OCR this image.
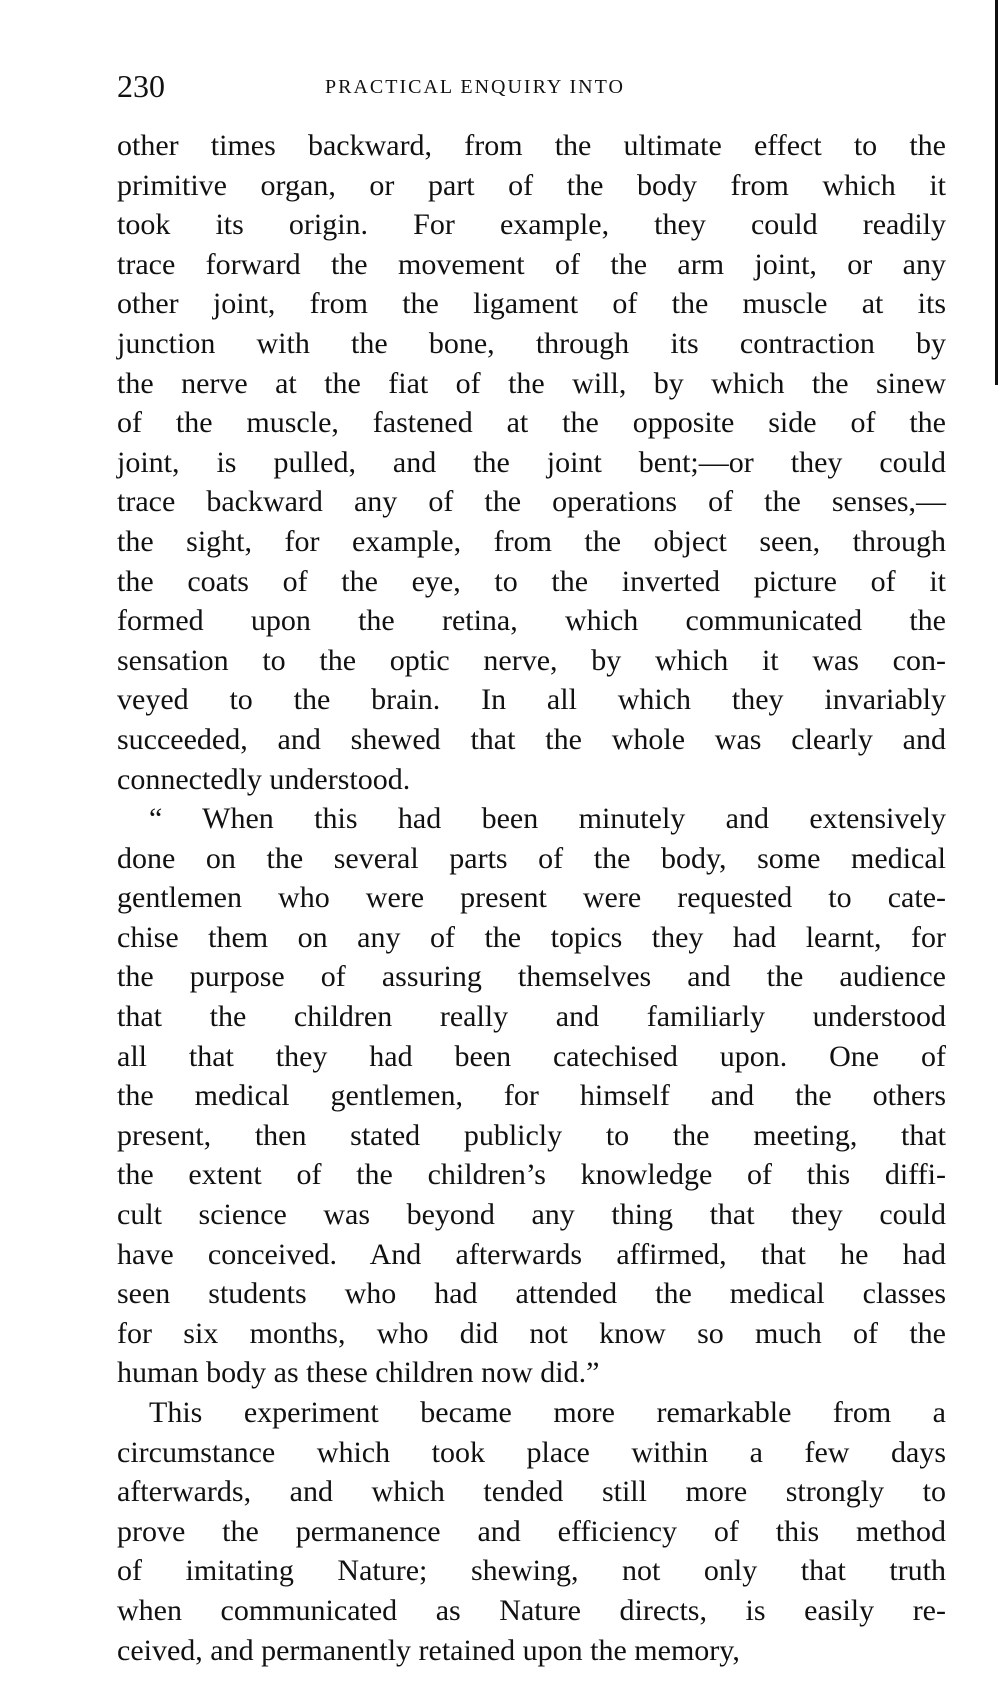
230	PRACTICAL ENQUIRY INTO
other times backward, from the ultimate effect to the
primitive organ, or part of the body from which it
took its origin. For example, they could readily
trace forward the movement of the arm joint, or any
other joint, from the ligament of the muscle at its
junction with the bone, through its contraction by
the nerve at the fiat of the will, by which the sinew
of the muscle, fastened at the opposite side of the
joint, is pulled, and the joint bent;—or they could
trace backward any of the operations of the senses,—
the sight, for example, from the object seen, through
the coats of the eye, to the inverted picture of it
formed upon the retina, which communicated the
sensation to the optic nerve, by which it was con-
veyed to the brain. In all which they invariably
succeeded, and shewed that the whole was clearly and
connectedly understood.
“ When this had been minutely and extensively
done on the several parts of the body, some medical
gentlemen who were present were requested to cate-
chise them on any of the topics they had learnt, for
the purpose of assuring themselves and the audience
that the children really and familiarly understood
all that they had been catechised upon. One of
the medical gentlemen, for himself and the others
present, then stated publicly to the meeting, that
the extent of the children’s knowledge of this diffi-
cult science was beyond any thing that they could
have conceived. And afterwards affirmed, that he had
seen students who had attended the medical classes
for six months, who did not know so much of the
human body as these children now did.”
This experiment became more remarkable from a
circumstance which took place within a few days
afterwards, and which tended still more strongly to
prove the permanence and efficiency of this method
of imitating Nature; shewing, not only that truth
when communicated as Nature directs, is easily re-
ceived, and permanently retained upon the memory,
